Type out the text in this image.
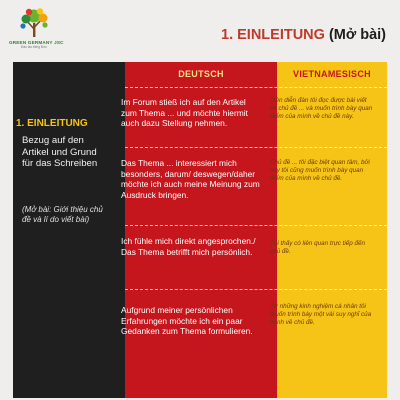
GREEN GERMANY JSC
Đào tạo tiếng Đức
1. EINLEITUNG (Mở bài)
DEUTSCH	VIETNAMESISCH
1. EINLEITUNG
Bezug auf den Artikel und Grund für das Schreiben
(Mở bài: Giới thiệu chủ đề và lí do viết bài)
Im Forum stieß ich auf den Artikel zum Thema ... und möchte hiermit auch dazu Stellung nehmen.
Trên diễn đàn tôi đọc được bài viết về chủ đề ... và muốn trình bày quan điểm của mình về chủ đề này.
Das Thema ... interessiert mich besonders, darum/ deswegen/daher möchte ich auch meine Meinung zum Ausdruck bringen.
Chủ đề ... tôi đặc biệt quan tâm, bởi vậy tôi cũng muốn trình bày quan điểm của mình về chủ đề.
Ich fühle mich direkt angesprochen./ Das Thema betrifft mich persönlich.
Tôi thấy có liên quan trực tiếp đến chủ đề.
Aufgrund meiner persönlichen Erfahrungen möchte ich ein paar Gedanken zum Thema formulieren.
Từ những kinh nghiệm cá nhân tôi muốn trình bày một vài suy nghĩ của mình về chủ đề.
